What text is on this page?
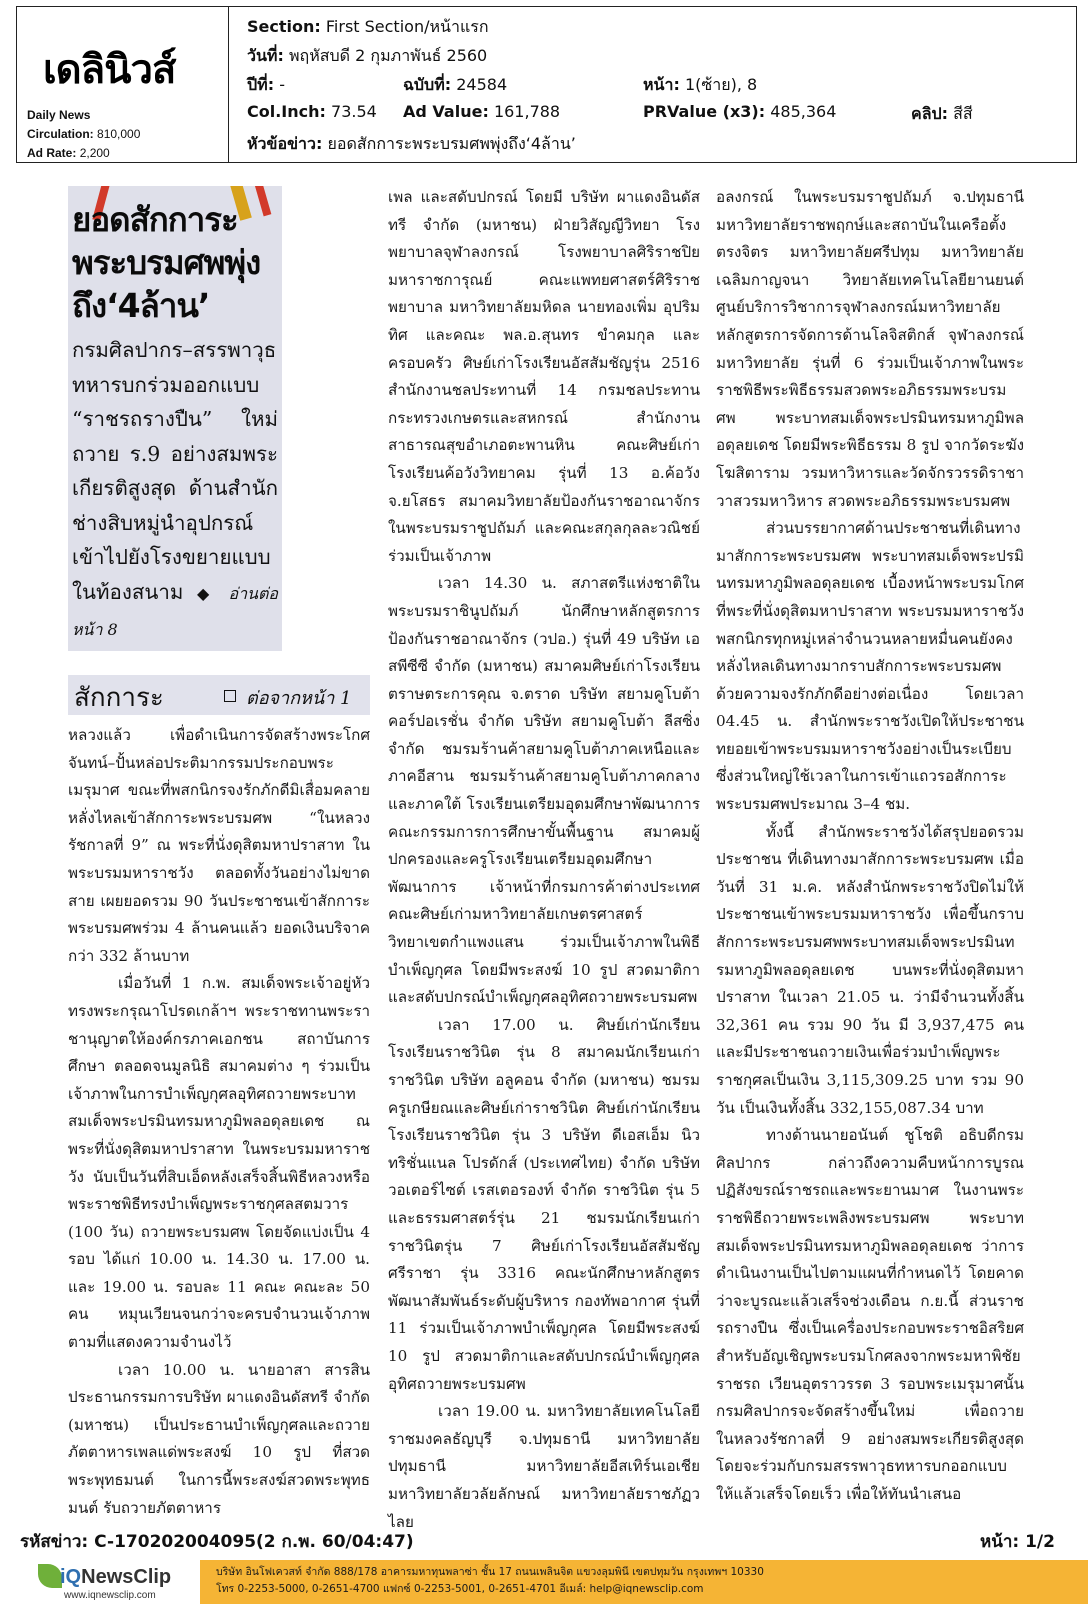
เดลินิวส์
Daily News
Circulation: 810,000
Ad Rate: 2,200
Section: First Section/หน้าแรก
วันที่: พฤหัสบดี 2 กุมภาพันธ์ 2560
ปีที่: -	ฉบับที่: 24584	หน้า: 1(ซ้าย), 8
Col.Inch: 73.54 Ad Value: 161,788	PRValue (x3): 485,364	คลิป: สีสี
หัวข้อข่าว: ยอดสักการะพระบรมศพพุ่งถึง‘4ล้าน’
ยอดสักการะพระบรมศพพุ่งถึง‘4ล้าน’
กรมศิลปากร–สรรพาวุธทหารบกร่วมออกแบบ “ราชรถรางปืน” ใหม่ ถวาย ร.9 อย่างสมพระเกียรติสูงสุด ด้านสำนักช่างสิบหมู่นำอุปกรณ์เข้าไปยังโรงขยายแบบในท้องสนาม ◆ อ่านต่อหน้า 8
สักการะ	ต่อจากหน้า 1

หลวงแล้ว เพื่อดำเนินการจัดสร้างพระโกศจันทน์–ปั้นหล่อประติมากรรมประกอบพระเมรุมาศ ขณะที่พสกนิกรจงรักภักดีมิเสื่อมคลาย หลั่งไหลเข้าสักการะพระบรมศพ “ในหลวงรัชกาลที่ 9” ณ พระที่นั่งดุสิตมหาปราสาท ในพระบรมมหาราชวัง ตลอดทั้งวันอย่างไม่ขาดสาย เผยยอดรวม 90 วันประชาชนเข้าสักการะพระบรมศพร่วม 4 ล้านคนแล้ว ยอดเงินบริจาคกว่า 332 ล้านบาท

เมื่อวันที่ 1 ก.พ. สมเด็จพระเจ้าอยู่หัวทรงพระกรุณาโปรดเกล้าฯ พระราชทานพระราชานุญาตให้องค์กรภาคเอกชน สถาบันการศึกษา ตลอดจนมูลนิธิ สมาคมต่าง ๆ ร่วมเป็นเจ้าภาพในการบำเพ็ญกุศลอุทิศถวายพระบาทสมเด็จพระปรมินทรมหาภูมิพลอดุลยเดช ณ พระที่นั่งดุสิตมหาปราสาท ในพระบรมมหาราชวัง นับเป็นวันที่สิบเอ็ดหลังเสร็จสิ้นพิธีหลวงหรือพระราชพิธีทรงบำเพ็ญพระราชกุศลสตมวาร (100 วัน) ถวายพระบรมศพ โดยจัดแบ่งเป็น 4 รอบ ได้แก่ 10.00 น. 14.30 น. 17.00 น. และ 19.00 น. รอบละ 11 คณะ คณะละ 50 คน หมุนเวียนจนกว่าจะครบจำนวนเจ้าภาพตามที่แสดงความจำนงไว้

เวลา 10.00 น. นายอาสา สารสิน ประธานกรรมการบริษัท ผาแดงอินดัสทรี จำกัด (มหาชน) เป็นประธานบำเพ็ญกุศลและถวายภัตตาหารเพลแด่พระสงฆ์ 10 รูป ที่สวดพระพุทธมนต์ ในการนี้พระสงฆ์สวดพระพุทธมนต์ รับถวายภัตตาหาร

เพล และสดับปกรณ์ โดยมี บริษัท ผาแดงอินดัสทรี จำกัด (มหาชน) ฝ่ายวิสัญญีวิทยา โรงพยาบาลจุฬาลงกรณ์ โรงพยาบาลศิริราชปิยมหาราชการุณย์ คณะแพทยศาสตร์ศิริราชพยาบาล มหาวิทยาลัยมหิดล นายทองเพิ่ม อุปริมทิศ และคณะ พล.อ.สุนทร ขำคมกุล และครอบครัว ศิษย์เก่าโรงเรียนอัสสัมชัญรุ่น 2516 สำนักงานชลประทานที่ 14 กรมชลประทาน กระทรวงเกษตรและสหกรณ์ สำนักงานสาธารณสุขอำเภอตะพานหิน คณะศิษย์เก่าโรงเรียนค้อวังวิทยาคม รุ่นที่ 13 อ.ค้อวัง จ.ยโสธร สมาคมวิทยาลัยป้องกันราชอาณาจักร ในพระบรมราชูปถัมภ์ และคณะสกุลกุลละวณิชย์ ร่วมเป็นเจ้าภาพ

เวลา 14.30 น. สภาสตรีแห่งชาติในพระบรมราชินูปถัมภ์ นักศึกษาหลักสูตรการป้องกันราชอาณาจักร (วปอ.) รุ่นที่ 49 บริษัท เอสพีซีซี จำกัด (มหาชน) สมาคมศิษย์เก่าโรงเรียนตราษตระการคุณ จ.ตราด บริษัท สยามคูโบต้าคอร์ปอเรชั่น จำกัด บริษัท สยามคูโบต้า ลีสซิ่ง จำกัด ชมรมร้านค้าสยามคูโบต้าภาคเหนือและภาคอีสาน ชมรมร้านค้าสยามคูโบต้าภาคกลางและภาคใต้ โรงเรียนเตรียมอุดมศึกษาพัฒนาการ คณะกรรมการการศึกษาขั้นพื้นฐาน สมาคมผู้ปกครองและครูโรงเรียนเตรียมอุดมศึกษาพัฒนาการ เจ้าหน้าที่กรมการค้าต่างประเทศ คณะศิษย์เก่ามหาวิทยาลัยเกษตรศาสตร์ วิทยาเขตกำแพงแสน ร่วมเป็นเจ้าภาพในพิธีบำเพ็ญกุศล โดยมีพระสงฆ์ 10 รูป สวดมาติกาและสดับปกรณ์บำเพ็ญกุศลอุทิศถวายพระบรมศพ

เวลา 17.00 น. ศิษย์เก่านักเรียนโรงเรียนราชวินิต รุ่น 8 สมาคมนักเรียนเก่าราชวินิต บริษัท อลูคอน จำกัด (มหาชน) ชมรมครูเกษียณและศิษย์เก่าราชวินิต ศิษย์เก่านักเรียนโรงเรียนราชวินิต รุ่น 3 บริษัท ดีเอสเอ็ม นิวทริชั่นแนล โปรดักส์ (ประเทศไทย) จำกัด บริษัท วอเตอร์ไซต์ เรสเตอรองท์ จำกัด ราชวินิต รุ่น 5 และธรรมศาสตร์รุ่น 21 ชมรมนักเรียนเก่าราชวินิตรุ่น 7 ศิษย์เก่าโรงเรียนอัสสัมชัญศรีราชา รุ่น 3316 คณะนักศึกษาหลักสูตรพัฒนาสัมพันธ์ระดับผู้บริหาร กองทัพอากาศ รุ่นที่ 11 ร่วมเป็นเจ้าภาพบำเพ็ญกุศล โดยมีพระสงฆ์ 10 รูป สวดมาติกาและสดับปกรณ์บำเพ็ญกุศลอุทิศถวายพระบรมศพ

เวลา 19.00 น. มหาวิทยาลัยเทคโนโลยีราชมงคลธัญบุรี จ.ปทุมธานี มหาวิทยาลัยปทุมธานี มหาวิทยาลัยอีสเทิร์นเอเชีย มหาวิทยาลัยวลัยลักษณ์ มหาวิทยาลัยราชภัฏวไลย

อลงกรณ์ ในพระบรมราชูปถัมภ์ จ.ปทุมธานี มหาวิทยาลัยราชพฤกษ์และสถาบันในเครือตั้งตรงจิตร มหาวิทยาลัยศรีปทุม มหาวิทยาลัยเฉลิมกาญจนา วิทยาลัยเทคโนโลยียานยนต์ ศูนย์บริการวิชาการจุฬาลงกรณ์มหาวิทยาลัย หลักสูตรการจัดการด้านโลจิสติกส์ จุฬาลงกรณ์มหาวิทยาลัย รุ่นที่ 6 ร่วมเป็นเจ้าภาพในพระราชพิธีพระพิธีธรรมสวดพระอภิธรรมพระบรมศพ พระบาทสมเด็จพระปรมินทรมหาภูมิพลอดุลยเดช โดยมีพระพิธีธรรม 8 รูป จากวัดระฆังโฆสิตาราม วรมหาวิหารและวัดจักรวรรดิราชาวาสวรมหาวิหาร สวดพระอภิธรรมพระบรมศพ

ส่วนบรรยากาศด้านประชาชนที่เดินทางมาสักการะพระบรมศพ พระบาทสมเด็จพระปรมินทรมหาภูมิพลอดุลยเดช เบื้องหน้าพระบรมโกศ ที่พระที่นั่งดุสิตมหาปราสาท พระบรมมหาราชวัง พสกนิกรทุกหมู่เหล่าจำนวนหลายหมื่นคนยังคงหลั่งไหลเดินทางมากราบสักการะพระบรมศพด้วยความจงรักภักดีอย่างต่อเนื่อง โดยเวลา 04.45 น. สำนักพระราชวังเปิดให้ประชาชนทยอยเข้าพระบรมมหาราชวังอย่างเป็นระเบียบ ซึ่งส่วนใหญ่ใช้เวลาในการเข้าแถวรอสักการะพระบรมศพประมาณ 3–4 ชม.

ทั้งนี้ สำนักพระราชวังได้สรุปยอดรวมประชาชน ที่เดินทางมาสักการะพระบรมศพ เมื่อวันที่ 31 ม.ค. หลังสำนักพระราชวังปิดไม่ให้ประชาชนเข้าพระบรมมหาราชวัง เพื่อขึ้นกราบสักการะพระบรมศพพระบาทสมเด็จพระปรมินทรมหาภูมิพลอดุลยเดช บนพระที่นั่งดุสิตมหาปราสาท ในเวลา 21.05 น. ว่ามีจำนวนทั้งสิ้น 32,361 คน รวม 90 วัน มี 3,937,475 คน และมีประชาชนถวายเงินเพื่อร่วมบำเพ็ญพระราชกุศลเป็นเงิน 3,115,309.25 บาท รวม 90 วัน เป็นเงินทั้งสิ้น 332,155,087.34 บาท

ทางด้านนายอนันต์ ชูโชติ อธิบดีกรมศิลปากร กล่าวถึงความคืบหน้าการบูรณปฏิสังขรณ์ราชรถและพระยานมาศ ในงานพระราชพิธีถวายพระเพลิงพระบรมศพ พระบาทสมเด็จพระปรมินทรมหาภูมิพลอดุลยเดช ว่าการดำเนินงานเป็นไปตามแผนที่กำหนดไว้ โดยคาดว่าจะบูรณะแล้วเสร็จช่วงเดือน ก.ย.นี้ ส่วนราชรถรางปืน ซึ่งเป็นเครื่องประกอบพระราชอิสริยศ สำหรับอัญเชิญพระบรมโกศลงจากพระมหาพิชัยราชรถ เวียนอุตราวรรต 3 รอบพระเมรุมาศนั้น กรมศิลปากรจะจัดสร้างขึ้นใหม่ เพื่อถวายในหลวงรัชกาลที่ 9 อย่างสมพระเกียรติสูงสุด โดยจะร่วมกับกรมสรรพาวุธทหารบกออกแบบให้แล้วเสร็จโดยเร็ว เพื่อให้ทันนำเสนอ

รหัสข่าว: C-170202004095(2 ก.พ. 60/04:47)	หน้า: 1/2
iQNewsClip
www.iqnewsclip.com
บริษัท อินโฟเควสท์ จำกัด 888/178 อาคารมหาทุนพลาซ่า ชั้น 17 ถนนเพลินจิต แขวงลุมพินี เขตปทุมวัน กรุงเทพฯ 10330
โทร 0-2253-5000, 0-2651-4700 แฟกซ์ 0-2253-5001, 0-2651-4701 อีเมล์: help@iqnewsclip.com
